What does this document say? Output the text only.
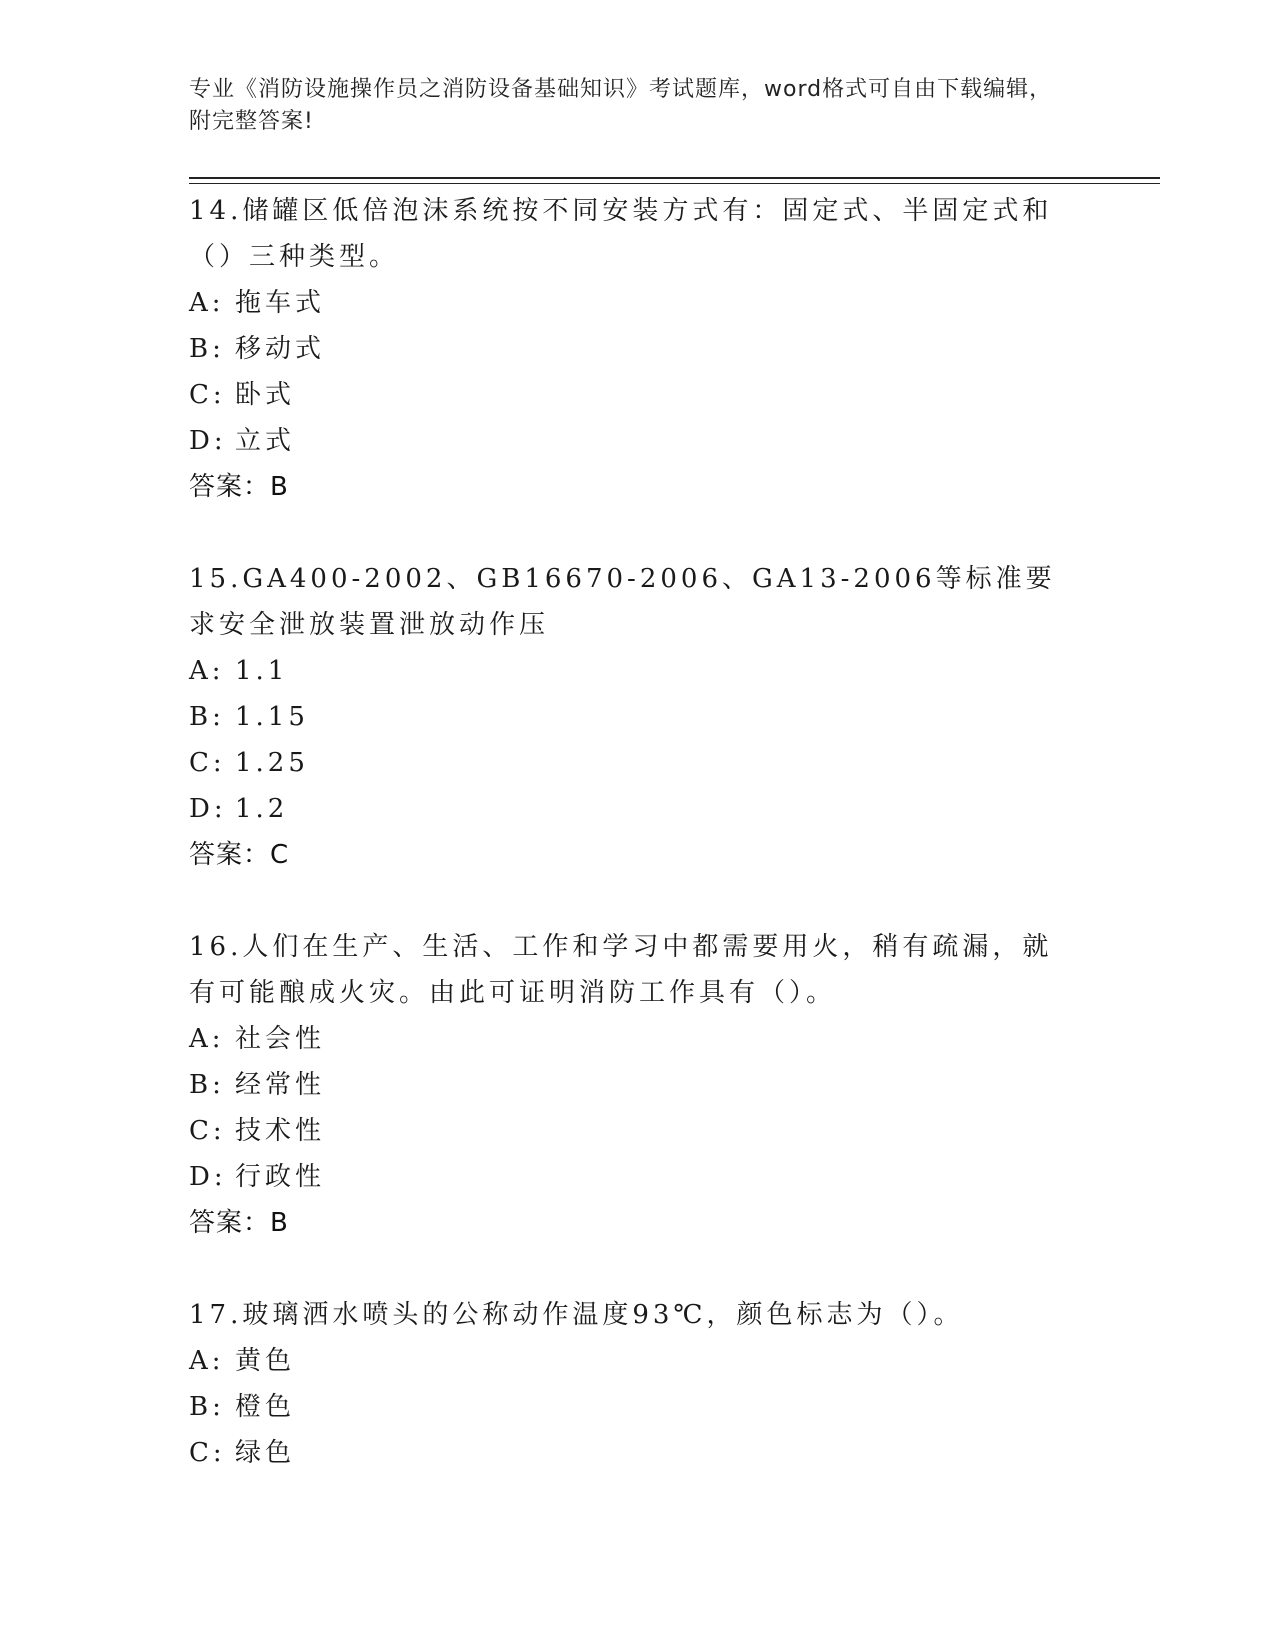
专业《消防设施操作员之消防设备基础知识》考试题库，word格式可自由下载编辑，附完整答案!
14.储罐区低倍泡沫系统按不同安装方式有：固定式、半固定式和（）三种类型。
A: 拖车式
B: 移动式
C: 卧式
D: 立式
答案：B
15.GA400-2002、GB16670-2006、GA13-2006等标准要求安全泄放装置泄放动作压
A: 1.1
B: 1.15
C: 1.25
D: 1.2
答案：C
16.人们在生产、生活、工作和学习中都需要用火，稍有疏漏，就有可能酿成火灾。由此可证明消防工作具有（）。
A: 社会性
B: 经常性
C: 技术性
D: 行政性
答案：B
17.玻璃洒水喷头的公称动作温度93℃，颜色标志为（）。
A: 黄色
B: 橙色
C: 绿色
